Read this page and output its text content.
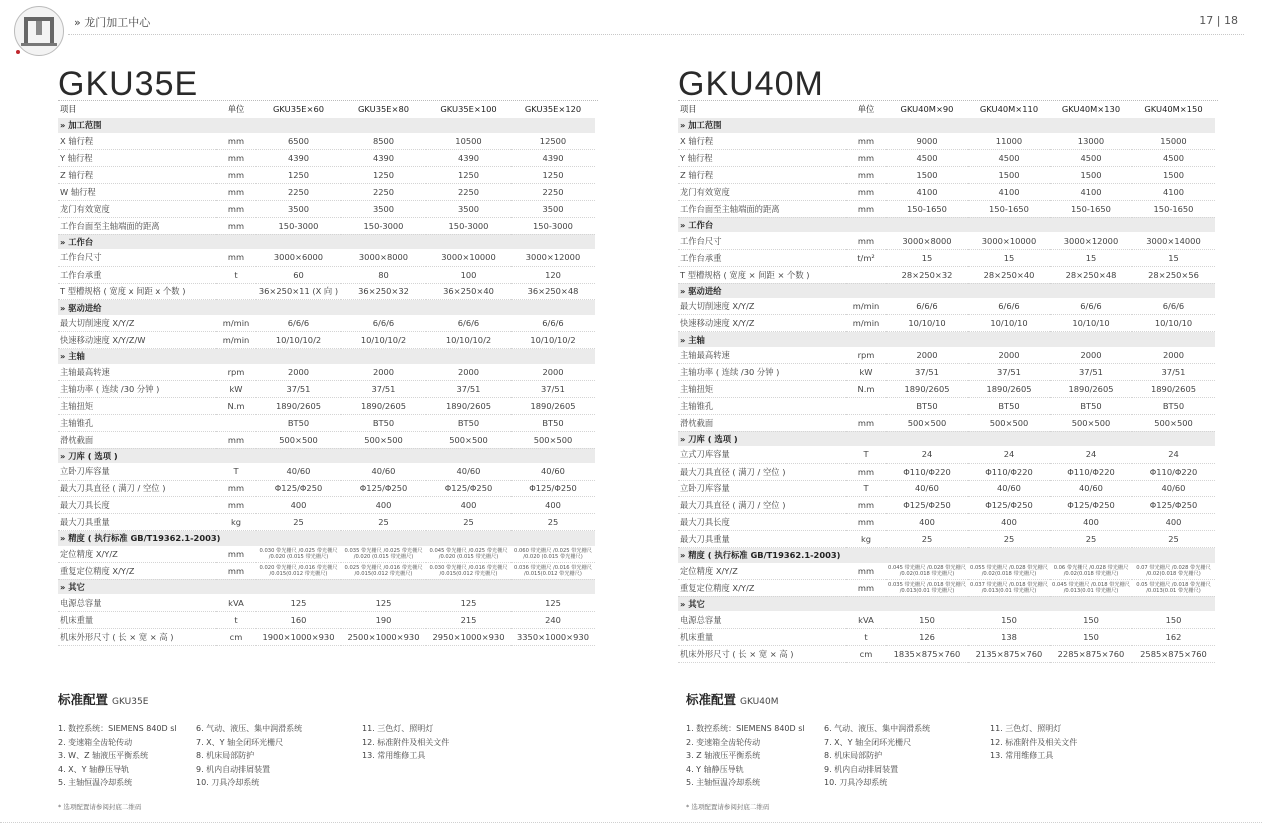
» 龙门加工中心	17 | 18
GKU35E
项目	单位	GKU35E×60	GKU35E×80	GKU35E×100	GKU35E×120
» 加工范围					
X 轴行程	mm	6500	8500	10500	12500
Y 轴行程	mm	4390	4390	4390	4390
Z 轴行程	mm	1250	1250	1250	1250
W 轴行程	mm	2250	2250	2250	2250
龙门有效宽度	mm	3500	3500	3500	3500
工作台面至主轴端面的距离	mm	150-3000	150-3000	150-3000	150-3000
» 工作台					
工作台尺寸	mm	3000×6000	3000×8000	3000×10000	3000×12000
工作台承重	t	60	80	100	120
T 型槽规格 ( 宽度 x 间距 x 个数 )		36×250×11 (X 向 )	36×250×32	36×250×40	36×250×48
» 驱动进给					
最大切削速度 X/Y/Z	m/min	6/6/6	6/6/6	6/6/6	6/6/6
快速移动速度 X/Y/Z/W	m/min	10/10/10/2	10/10/10/2	10/10/10/2	10/10/10/2
» 主轴					
主轴最高转速	rpm	2000	2000	2000	2000
主轴功率 ( 连续 /30 分钟 )	kW	37/51	37/51	37/51	37/51
主轴扭矩	N.m	1890/2605	1890/2605	1890/2605	1890/2605
主轴锥孔		BT50	BT50	BT50	BT50
滑枕截面	mm	500×500	500×500	500×500	500×500
» 刀库 ( 选项 )					
立卧刀库容量	T	40/60	40/60	40/60	40/60
最大刀具直径 ( 满刀 / 空位 )	mm	Φ125/Φ250	Φ125/Φ250	Φ125/Φ250	Φ125/Φ250
最大刀具长度	mm	400	400	400	400
最大刀具重量	kg	25	25	25	25
» 精度 ( 执行标准 GB/T19362.1-2003)					
定位精度 X/Y/Z	mm	0.030 带光栅尺 /0.025 带光栅尺 /0.020 (0.015 带光栅尺)	0.035 带光栅尺 /0.025 带光栅尺 /0.020 (0.015 带光栅尺)	0.045 带光栅尺 /0.025 带光栅尺 /0.020 (0.015 带光栅尺)	0.060 带光栅尺 /0.025 带光栅尺 /0.020 (0.015 带光栅尺)
重复定位精度 X/Y/Z	mm	0.020 带光栅尺 /0.016 带光栅尺 /0.015(0.012 带光栅尺)	0.025 带光栅尺 /0.016 带光栅尺 /0.015(0.012 带光栅尺)	0.030 带光栅尺 /0.016 带光栅尺 /0.015(0.012 带光栅尺)	0.036 带光栅尺 /0.016 带光栅尺 /0.015(0.012 带光栅尺)
» 其它					
电源总容量	kVA	125	125	125	125
机床重量	t	160	190	215	240
机床外形尺寸 ( 长 × 宽 × 高 )	cm	1900×1000×930	2500×1000×930	2950×1000×930	3350×1000×930
GKU40M
项目	单位	GKU40M×90	GKU40M×110	GKU40M×130	GKU40M×150
» 加工范围					
X 轴行程	mm	9000	11000	13000	15000
Y 轴行程	mm	4500	4500	4500	4500
Z 轴行程	mm	1500	1500	1500	1500
龙门有效宽度	mm	4100	4100	4100	4100
工作台面至主轴端面的距离	mm	150-1650	150-1650	150-1650	150-1650
» 工作台					
工作台尺寸	mm	3000×8000	3000×10000	3000×12000	3000×14000
工作台承重	t/m²	15	15	15	15
T 型槽规格 ( 宽度 × 间距 × 个数 )		28×250×32	28×250×40	28×250×48	28×250×56
» 驱动进给					
最大切削速度 X/Y/Z	m/min	6/6/6	6/6/6	6/6/6	6/6/6
快速移动速度 X/Y/Z	m/min	10/10/10	10/10/10	10/10/10	10/10/10
» 主轴					
主轴最高转速	rpm	2000	2000	2000	2000
主轴功率 ( 连续 /30 分钟 )	kW	37/51	37/51	37/51	37/51
主轴扭矩	N.m	1890/2605	1890/2605	1890/2605	1890/2605
主轴锥孔		BT50	BT50	BT50	BT50
滑枕截面	mm	500×500	500×500	500×500	500×500
» 刀库 ( 选项 )					
立式刀库容量	T	24	24	24	24
最大刀具直径 ( 满刀 / 空位 )	mm	Φ110/Φ220	Φ110/Φ220	Φ110/Φ220	Φ110/Φ220
立卧刀库容量	T	40/60	40/60	40/60	40/60
最大刀具直径 ( 满刀 / 空位 )	mm	Φ125/Φ250	Φ125/Φ250	Φ125/Φ250	Φ125/Φ250
最大刀具长度	mm	400	400	400	400
最大刀具重量	kg	25	25	25	25
» 精度 ( 执行标准 GB/T19362.1-2003)					
定位精度 X/Y/Z	mm	0.045 带光栅尺 /0.028 带光栅尺 /0.02(0.018 带光栅尺)	0.055 带光栅尺 /0.028 带光栅尺 /0.02(0.018 带光栅尺)	0.06 带光栅尺 /0.028 带光栅尺 /0.02(0.018 带光栅尺)	0.07 带光栅尺 /0.028 带光栅尺 /0.02(0.018 带光栅尺)
重复定位精度 X/Y/Z	mm	0.035 带光栅尺 /0.018 带光栅尺 /0.013(0.01 带光栅尺)	0.037 带光栅尺 /0.018 带光栅尺 /0.013(0.01 带光栅尺)	0.045 带光栅尺 /0.018 带光栅尺 /0.013(0.01 带光栅尺)	0.05 带光栅尺 /0.018 带光栅尺 /0.013(0.01 带光栅尺)
» 其它					
电源总容量	kVA	150	150	150	150
机床重量	t	126	138	150	162
机床外形尺寸 ( 长 × 宽 × 高 )	cm	1835×875×760	2135×875×760	2285×875×760	2585×875×760
标准配置 GKU35E
1. 数控系统：SIEMENS 840D sl
2. 变速箱全齿轮传动
3. W、Z 轴液压平衡系统
4. X、Y 轴静压导轨
5. 主轴恒温冷却系统
6. 气动、液压、集中润滑系统
7. X、Y 轴全闭环光栅尺
8. 机床局部防护
9. 机内自动排屑装置
10. 刀具冷却系统
11. 三色灯、照明灯
12. 标准附件及相关文件
13. 常用维修工具
* 选项配置请参阅封底二维码
标准配置 GKU40M
1. 数控系统：SIEMENS 840D sl
2. 变速箱全齿轮传动
3. Z 轴液压平衡系统
4. Y 轴静压导轨
5. 主轴恒温冷却系统
6. 气动、液压、集中润滑系统
7. X、Y 轴全闭环光栅尺
8. 机床局部防护
9. 机内自动排屑装置
10. 刀具冷却系统
11. 三色灯、照明灯
12. 标准附件及相关文件
13. 常用维修工具
* 选项配置请参阅封底二维码
